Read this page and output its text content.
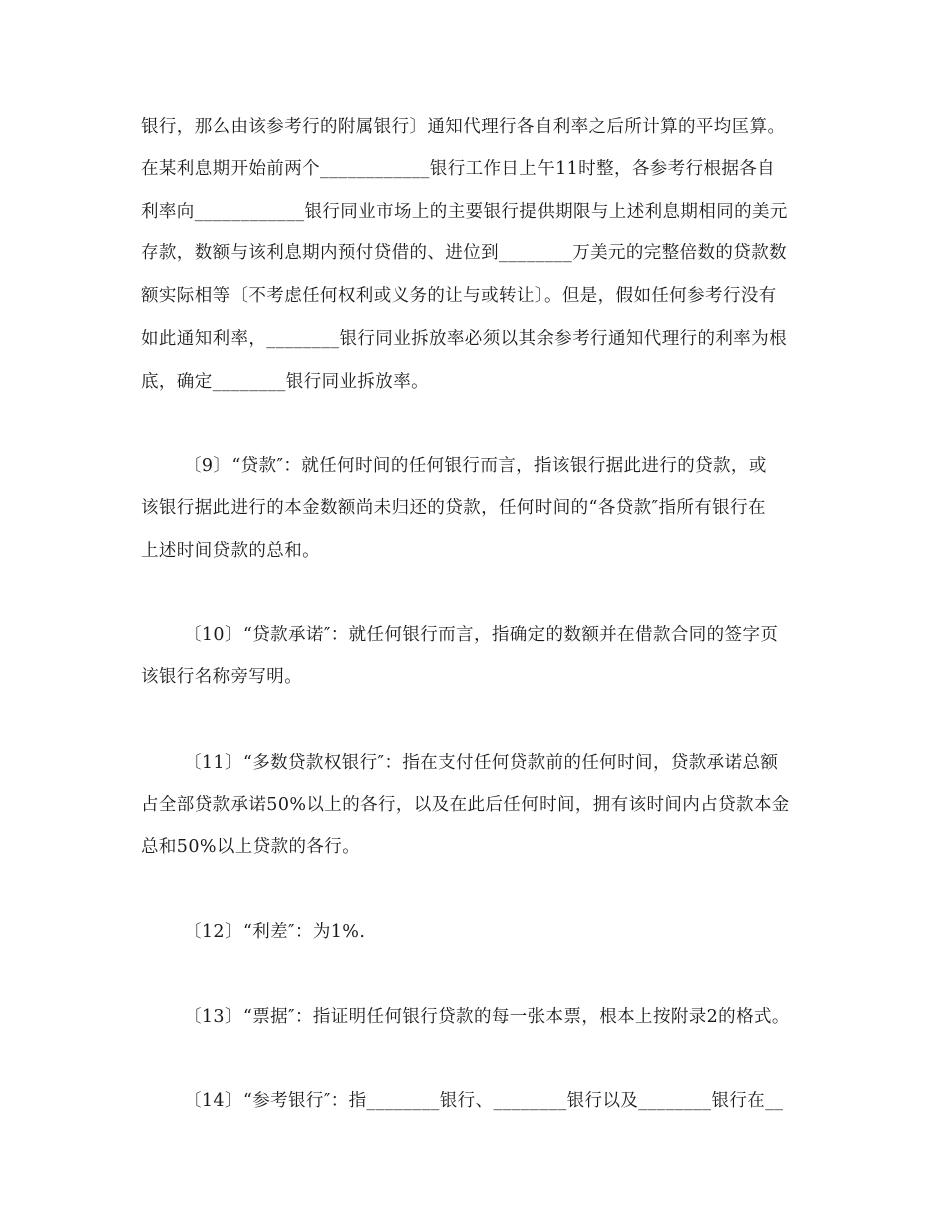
银行，那么由该参考行的附属银行〕通知代理行各自利率之后所计算的平均匡算。
在某利息期开始前两个____________银行工作日上午11时整，各参考行根据各自
利率向____________银行同业市场上的主要银行提供期限与上述利息期相同的美元
存款，数额与该利息期内预付贷借的、进位到________万美元的完整倍数的贷款数
额实际相等〔不考虑任何权利或义务的让与或转让〕。但是，假如任何参考行没有
如此通知利率，________银行同业拆放率必须以其余参考行通知代理行的利率为根
底，确定________银行同业拆放率。
〔9〕“贷款″：就任何时间的任何银行而言，指该银行据此进行的贷款，或
该银行据此进行的本金数额尚未归还的贷款，任何时间的“各贷款″指所有银行在
上述时间贷款的总和。
〔10〕“贷款承诺″：就任何银行而言，指确定的数额并在借款合同的签字页
该银行名称旁写明。
〔11〕“多数贷款权银行″：指在支付任何贷款前的任何时间，贷款承诺总额
占全部贷款承诺50%以上的各行，以及在此后任何时间，拥有该时间内占贷款本金
总和50%以上贷款的各行。
〔12〕“利差″：为1%.
〔13〕“票据″：指证明任何银行贷款的每一张本票，根本上按附录2的格式。
〔14〕“参考银行″：指________银行、________银行以及________银行在__
